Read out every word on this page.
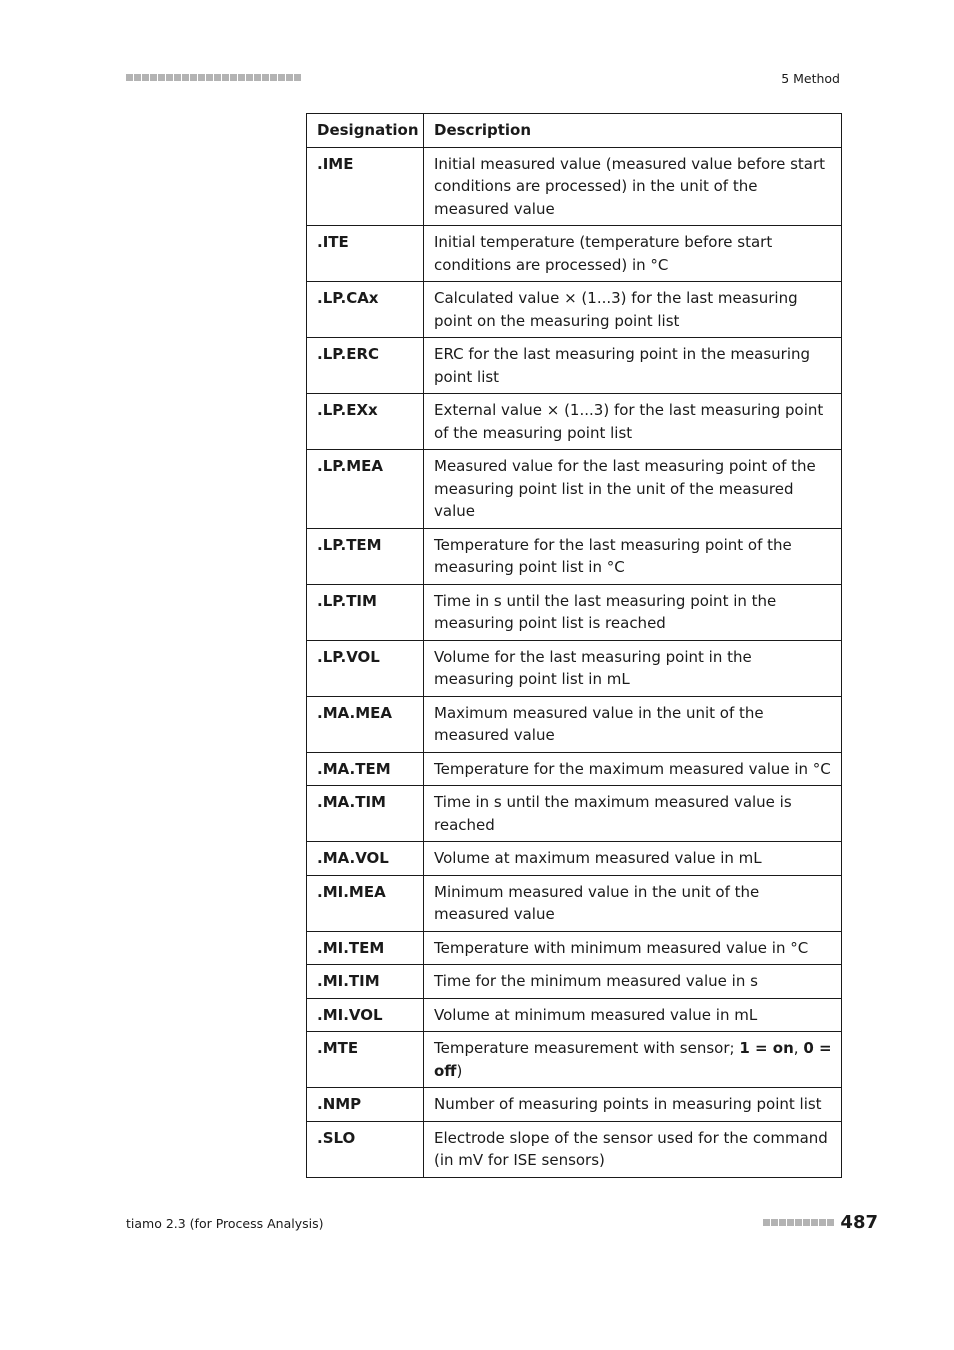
5 Method
Designation	Description
.IME	Initial measured value (measured value before start conditions are processed) in the unit of the measured value
.ITE	Initial temperature (temperature before start conditions are processed) in °C
.LP.CAx	Calculated value × (1...3) for the last measuring point on the measuring point list
.LP.ERC	ERC for the last measuring point in the measuring point list
.LP.EXx	External value × (1...3) for the last measuring point of the measuring point list
.LP.MEA	Measured value for the last measuring point of the measuring point list in the unit of the measured value
.LP.TEM	Temperature for the last measuring point of the measuring point list in °C
.LP.TIM	Time in s until the last measuring point in the measuring point list is reached
.LP.VOL	Volume for the last measuring point in the measuring point list in mL
.MA.MEA	Maximum measured value in the unit of the measured value
.MA.TEM	Temperature for the maximum measured value in °C
.MA.TIM	Time in s until the maximum measured value is reached
.MA.VOL	Volume at maximum measured value in mL
.MI.MEA	Minimum measured value in the unit of the measured value
.MI.TEM	Temperature with minimum measured value in °C
.MI.TIM	Time for the minimum measured value in s
.MI.VOL	Volume at minimum measured value in mL
.MTE	Temperature measurement with sensor; 1 = on, 0 = off)
.NMP	Number of measuring points in measuring point list
.SLO	Electrode slope of the sensor used for the command (in mV for ISE sensors)
tiamo 2.3 (for Process Analysis)	487
